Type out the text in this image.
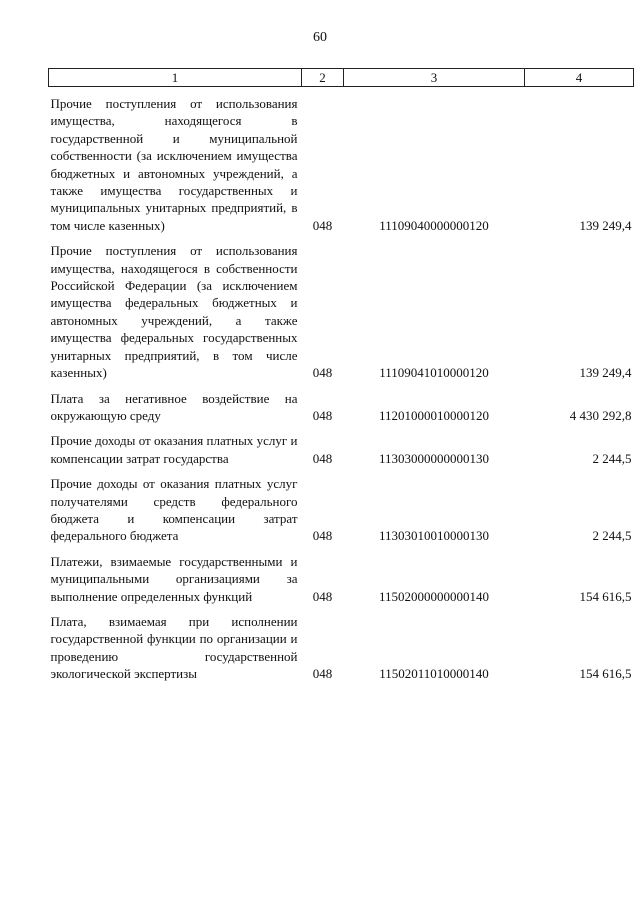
60
1	2	3	4

Прочие поступления от использования имущества, находящегося в государственной и муниципальной собственности (за исключением имущества бюджетных и автономных учреждений, а также имущества государственных и муниципальных унитарных предприятий, в том числе казенных)	048	11109040000000120	139 249,4

Прочие поступления от использования имущества, находящегося в собственности Российской Федерации (за исключением имущества федеральных бюджетных и автономных учреждений, а также имущества федеральных государственных унитарных предприятий, в том числе казенных)	048	11109041010000120	139 249,4

Плата за негативное воздействие на окружающую среду	048	11201000010000120	4 430 292,8

Прочие доходы от оказания платных услуг и компенсации затрат государства	048	11303000000000130	2 244,5

Прочие доходы от оказания платных услуг получателями средств федерального бюджета и компенсации затрат федерального бюджета	048	11303010010000130	2 244,5

Платежи, взимаемые государственными и муниципальными организациями за выполнение определенных функций	048	11502000000000140	154 616,5

Плата, взимаемая при исполнении государственной функции по организации и проведению государственной экологической экспертизы	048	11502011010000140	154 616,5
